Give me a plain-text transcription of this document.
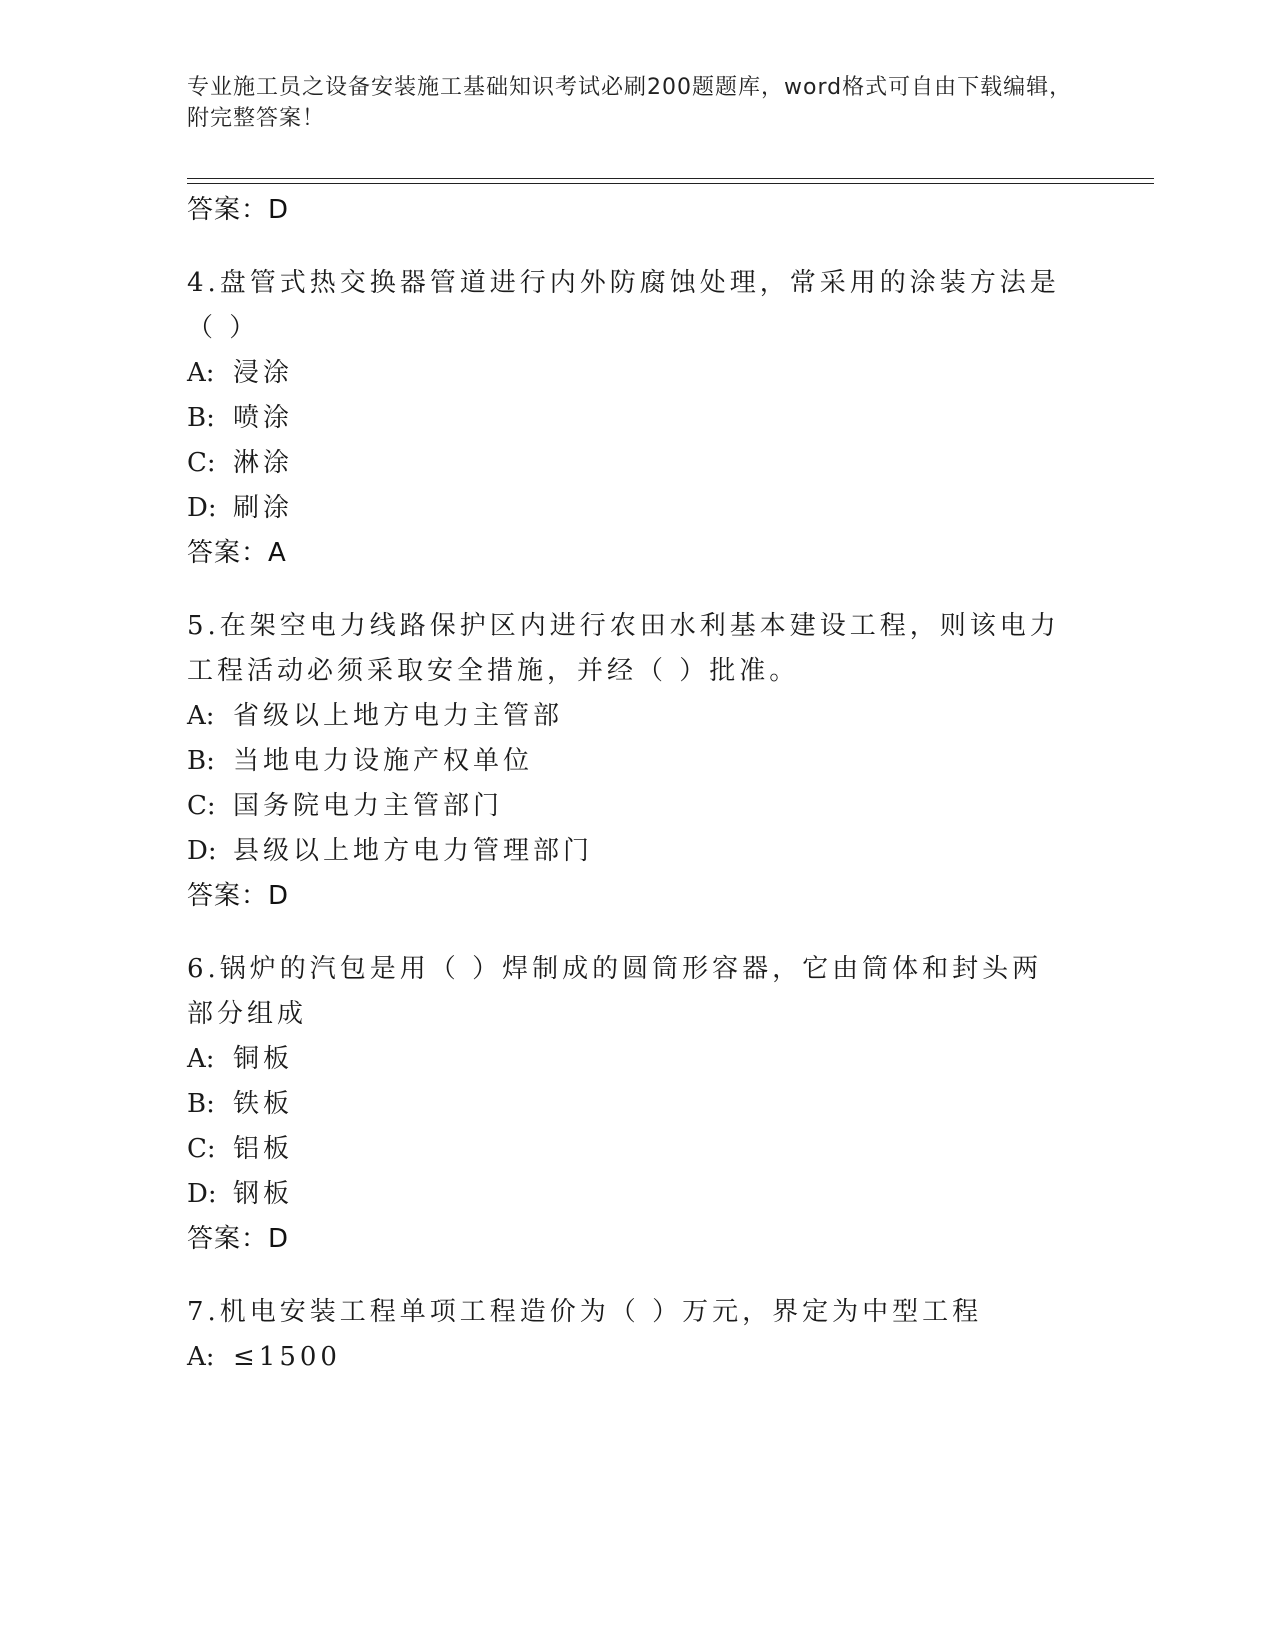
专业施工员之设备安装施工基础知识考试必刷200题题库，word格式可自由下载编辑，附完整答案！
答案：D
4.盘管式热交换器管道进行内外防腐蚀处理，常采用的涂装方法是（ ）
A: 浸涂
B: 喷涂
C: 淋涂
D: 刷涂
答案：A
5.在架空电力线路保护区内进行农田水利基本建设工程，则该电力工程活动必须采取安全措施，并经（ ）批准。
A: 省级以上地方电力主管部
B: 当地电力设施产权单位
C: 国务院电力主管部门
D: 县级以上地方电力管理部门
答案：D
6.锅炉的汽包是用（ ）焊制成的圆筒形容器，它由筒体和封头两部分组成
A: 铜板
B: 铁板
C: 铝板
D: 钢板
答案：D
7.机电安装工程单项工程造价为（ ）万元，界定为中型工程
A: ≤1500
